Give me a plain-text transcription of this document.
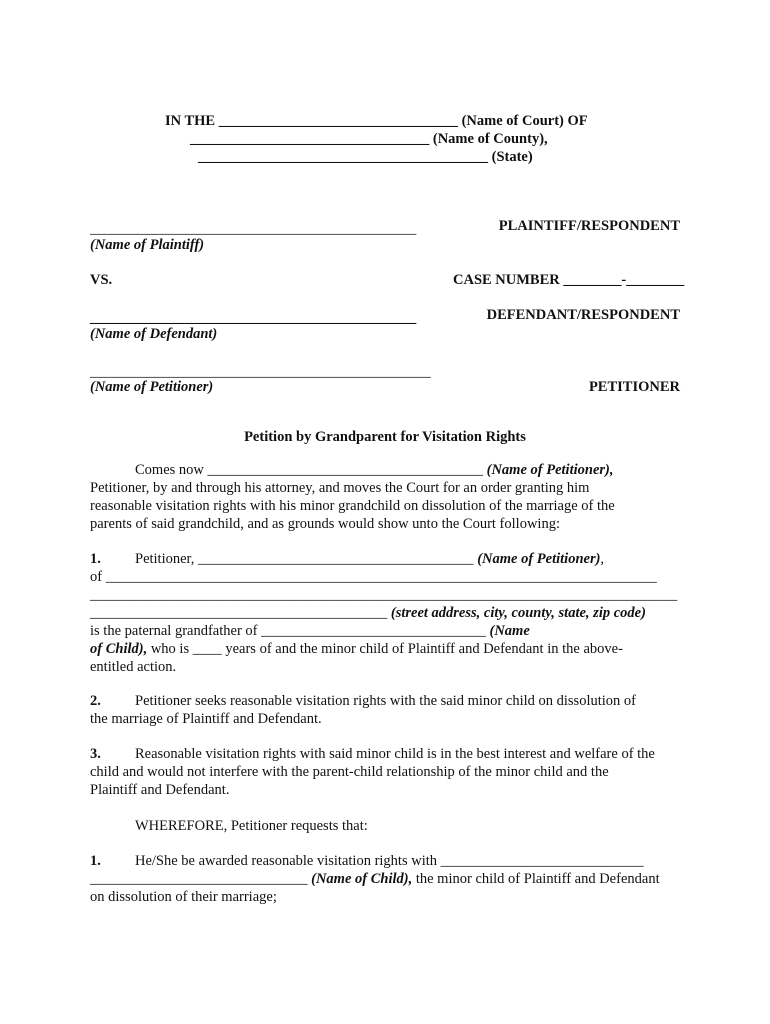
IN THE _________________________________ (Name of Court) OF
_________________________________ (Name of County),
________________________________________ (State)
_____________________________________________
(Name of Plaintiff)
PLAINTIFF/RESPONDENT
VS.	CASE NUMBER ________-________
_____________________________________________
(Name of Defendant)
DEFENDANT/RESPONDENT
_______________________________________________
(Name of Petitioner)	PETITIONER
Petition by Grandparent for Visitation Rights
Comes now ______________________________________ (Name of Petitioner),
Petitioner, by and through his attorney, and moves the Court for an order granting him
reasonable visitation rights with his minor grandchild on dissolution of the marriage of the
parents of said grandchild, and as grounds would show unto the Court following:
1. Petitioner, ______________________________________ (Name of Petitioner),
of ____________________________________________________________________________
_________________________________________________________________________________
_________________________________________ (street address, city, county, state, zip code)
is the paternal grandfather of _______________________________ (Name
of Child), who is ____ years of and the minor child of Plaintiff and Defendant in the above-
entitled action.
2. Petitioner seeks reasonable visitation rights with the said minor child on dissolution of
the marriage of Plaintiff and Defendant.
3. Reasonable visitation rights with said minor child is in the best interest and welfare of the
child and would not interfere with the parent-child relationship of the minor child and the
Plaintiff and Defendant.
WHEREFORE, Petitioner requests that:
1. He/She be awarded reasonable visitation rights with ____________________________
______________________________ (Name of Child), the minor child of Plaintiff and Defendant
on dissolution of their marriage;
